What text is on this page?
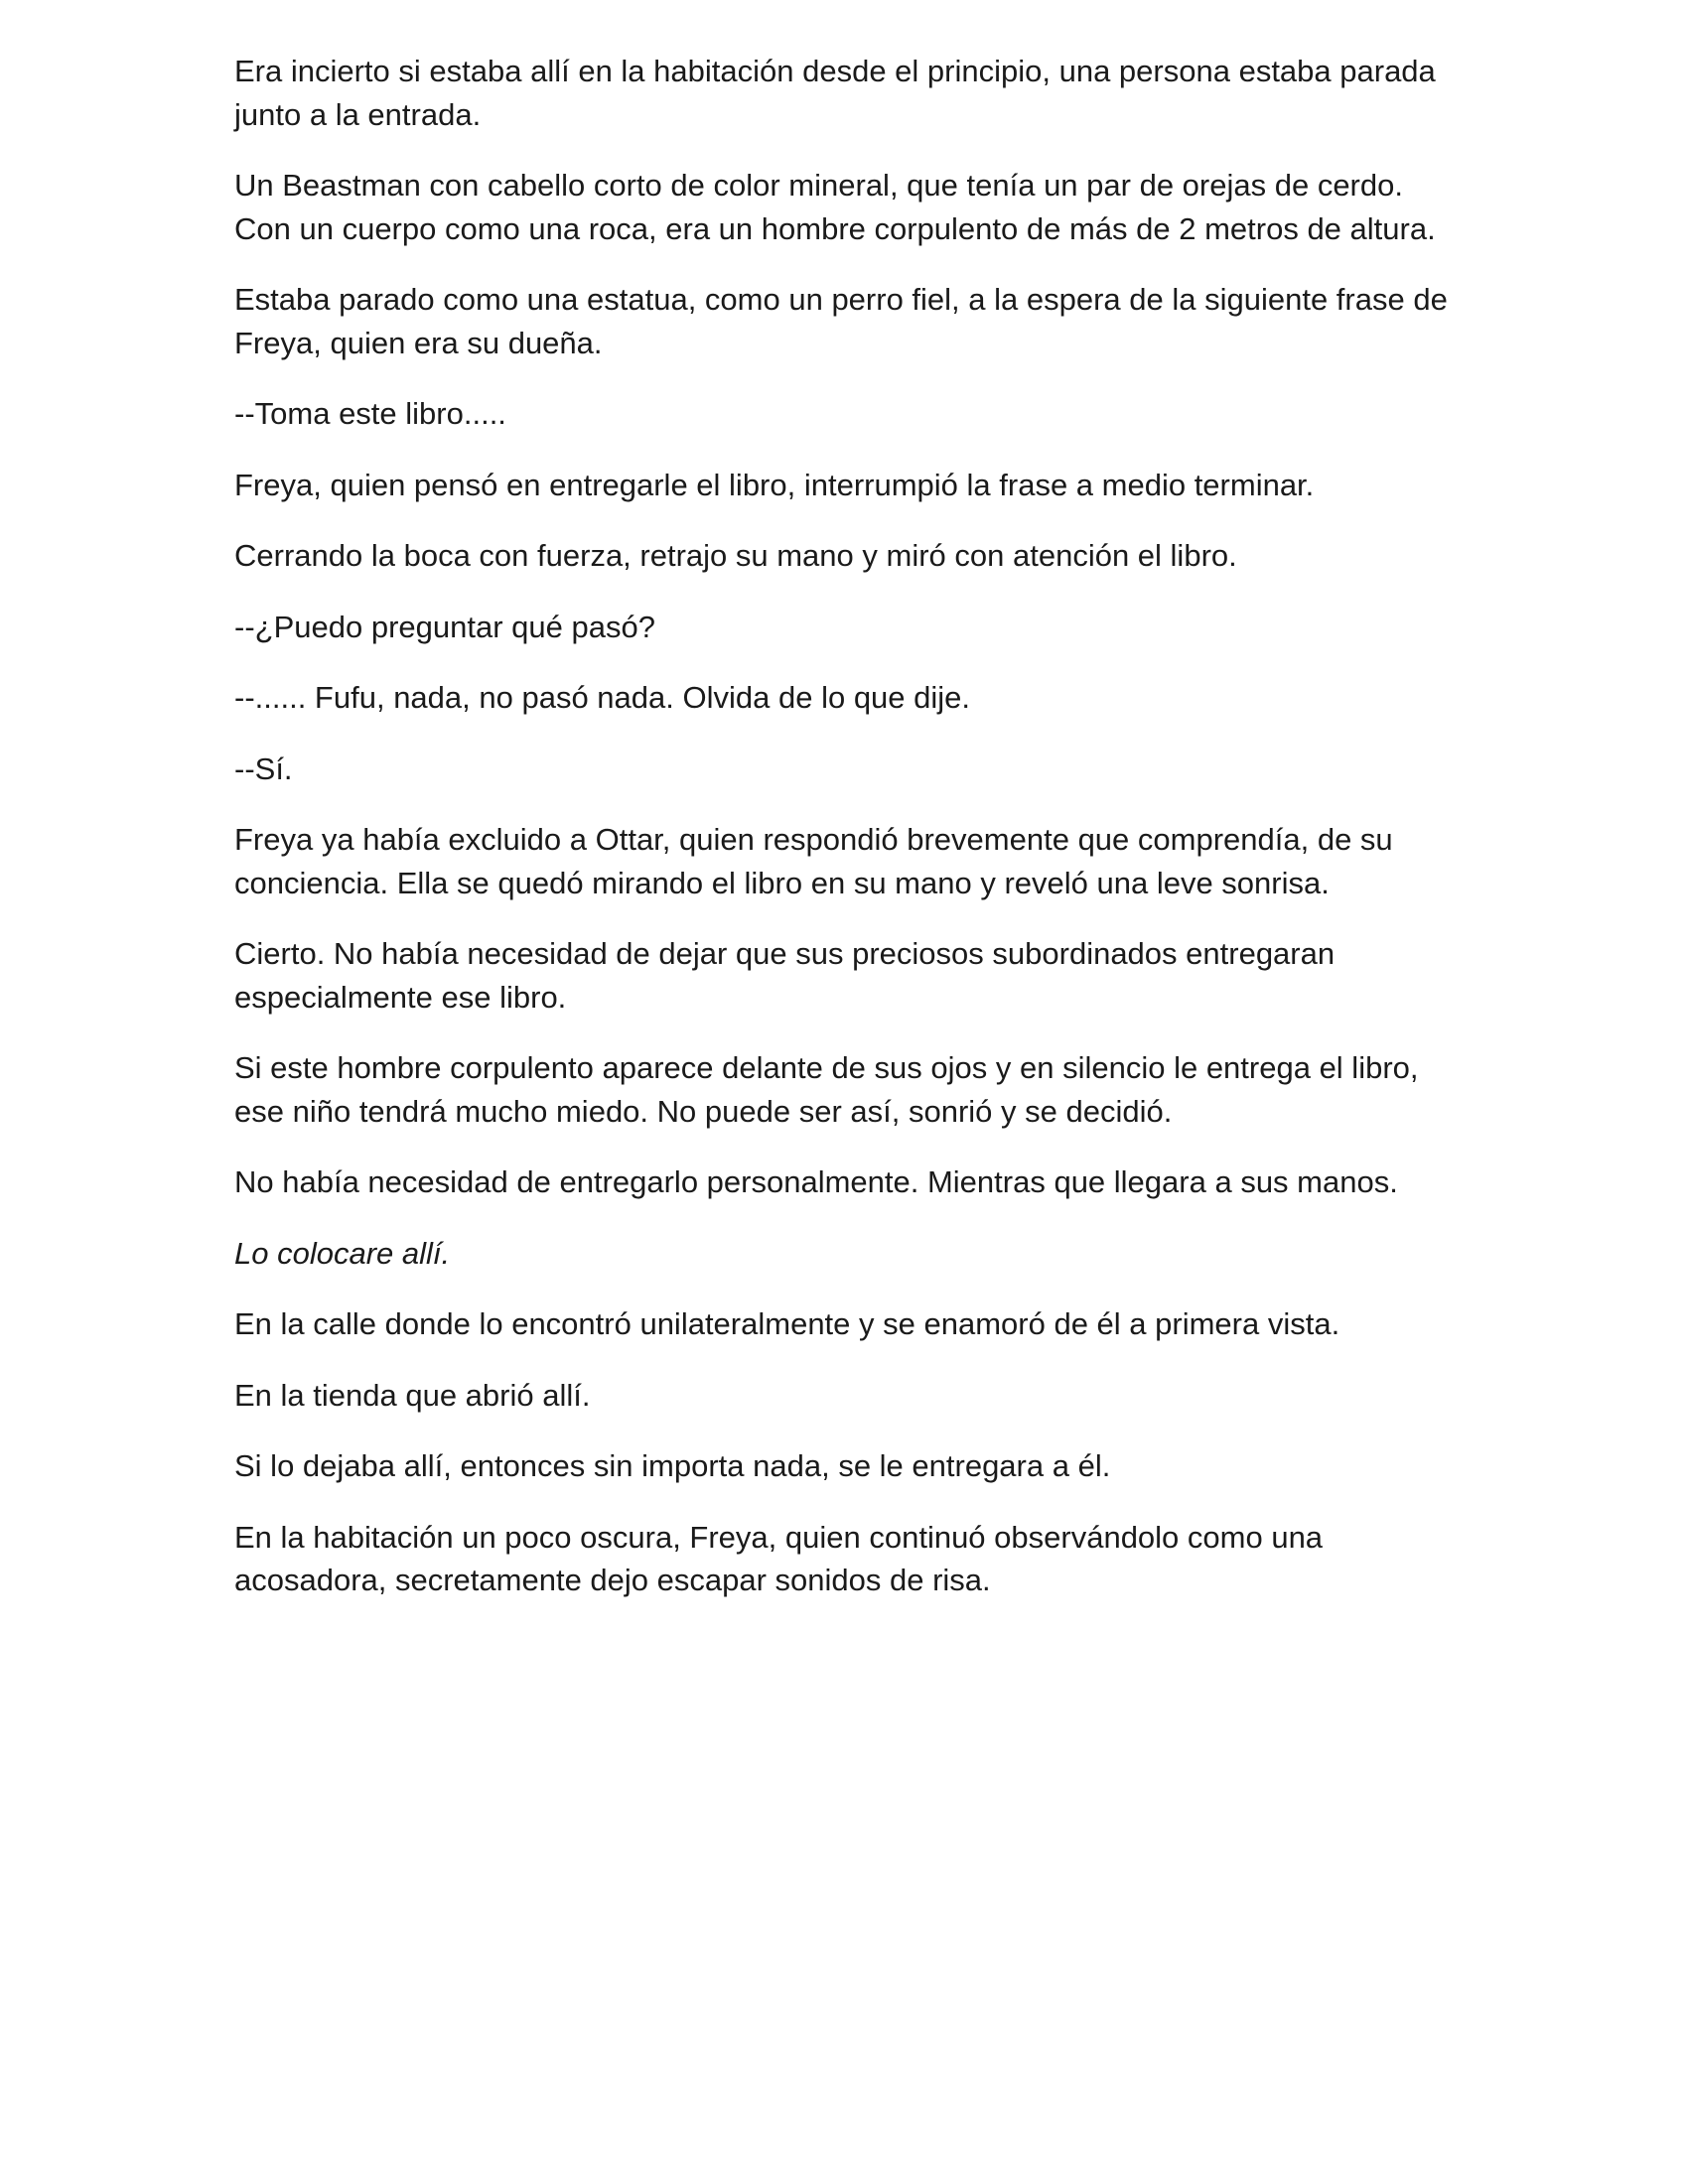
Era incierto si estaba allí en la habitación desde el principio, una persona estaba parada junto a la entrada.

Un Beastman con cabello corto de color mineral, que tenía un par de orejas de cerdo. Con un cuerpo como una roca, era un hombre corpulento de más de 2 metros de altura.

Estaba parado como una estatua, como un perro fiel, a la espera de la siguiente frase de Freya, quien era su dueña.

--Toma este libro.....

Freya, quien pensó en entregarle el libro, interrumpió la frase a medio terminar.

Cerrando la boca con fuerza, retrajo su mano y miró con atención el libro.

--¿Puedo preguntar qué pasó?

--...... Fufu, nada, no pasó nada. Olvida de lo que dije.

--Sí.

Freya ya había excluido a Ottar, quien respondió brevemente que comprendía, de su conciencia. Ella se quedó mirando el libro en su mano y reveló una leve sonrisa.

Cierto. No había necesidad de dejar que sus preciosos subordinados entregaran especialmente ese libro.

Si este hombre corpulento aparece delante de sus ojos y en silencio le entrega el libro, ese niño tendrá mucho miedo. No puede ser así, sonrió y se decidió.

No había necesidad de entregarlo personalmente. Mientras que llegara a sus manos.

Lo colocare allí.

En la calle donde lo encontró unilateralmente y se enamoró de él a primera vista.

En la tienda que abrió allí.

Si lo dejaba allí, entonces sin importa nada, se le entregara a él.

En la habitación un poco oscura, Freya, quien continuó observándolo como una acosadora, secretamente dejo escapar sonidos de risa.
